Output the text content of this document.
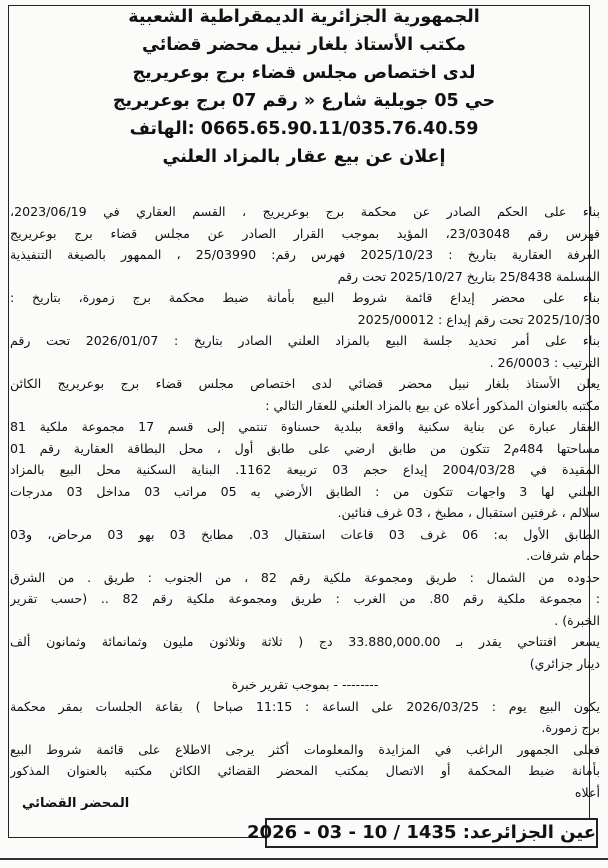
الجمهورية الجزائرية الديمقراطية الشعبية
مكتب الأستاذ بلغار نبيل محضر قضائي
لدى اختصاص مجلس قضاء برج بوعريريج
حي 05 جويلية شارع « رقم 07 برج بوعريريج
0665.65.90.11/035.76.40.59 :الهاتف
إعلان عن بيع عقار بالمزاد العلني
بناء على الحكم الصادر عن محكمة برج بوعريريج ، القسم العقاري في 2023/06/19،
فهرس رقم 23/03048، المؤيد بموجب القرار الصادر عن مجلس قضاء برج بوعريريج
الغرفة العقارية بتاريخ : 2025/10/23 فهرس رقم: 25/03990 ، الممهور بالصيغة التنفيذية
المسلمة 25/8438 بتاريخ 2025/10/27 تحت رقم
بناء على محضر إيداع قائمة شروط البيع بأمانة ضبط محكمة برج زمورة، بتاريخ :
2025/10/30 تحت رقم إيداع : 2025/00012
بناء على أمر تحديد جلسة البيع بالمزاد العلني الصادر بتاريخ : 2026/01/07 تحت رقم
الترتيب : 26/0003 .
يعلن الأستاذ بلغار نبيل محضر قضائي لدى اختصاص مجلس قضاء برج بوعريريج الكائن
مكتبه بالعنوان المذكور أعلاه عن بيع بالمزاد العلني للعقار التالي :
العقار عبارة عن بناية سكنية واقعة ببلدية حسناوة تنتمي إلى قسم 17 مجموعة ملكية 81
مساحتها 484م2 تتكون من طابق ارضي على طابق أول ، محل البطاقة العقارية رقم 01
المقيدة في 2004/03/28 إيداع حجم 03 تربيعة 1162. البناية السكنية محل البيع بالمزاد
العلني لها 3 واجهات تتكون من : الطابق الأرضي به 05 مراتب 03 مداخل 03 مدرجات
سلالم ، غرفتين استقبال ، مطبخ ، 03 غرف فنائين.
الطابق الأول به: 06 غرف 03 قاعات استقبال 03. مطابخ 03 بهو 03 مرحاض، و03
حمام شرفات.
حدوده من الشمال : طريق ومجموعة ملكية رقم 82 ، من الجنوب : طريق . من الشرق
: مجموعة ملكية رقم 80. من الغرب : طريق ومجموعة ملكية رقم 82 .. (حسب تقرير
الخبرة) .
يسعر افتتاحي يقدر بـ 33.880,000.00 دج ( ثلاثة وثلاثون مليون وثمانمائة وثمانون ألف
دينار جزائري)
-------- - بموجب تقرير خبرة
يكون البيع يوم : 2026/03/25 على الساعة : 11:15 صباحا ) بقاعة الجلسات بمقر محكمة
برج زمورة.
فعلى الجمهور الراغب في المزايدة والمعلومات أكثر يرجى الاطلاع على قائمة شروط البيع
بأمانة ضبط المحكمة أو الاتصال بمكتب المحضر القضائي الكائن مكتبه بالعنوان المذكور
أعلاه
المحضر القضائي
عين الجزائرعد: 1435 / 10 - 03 - 2026
